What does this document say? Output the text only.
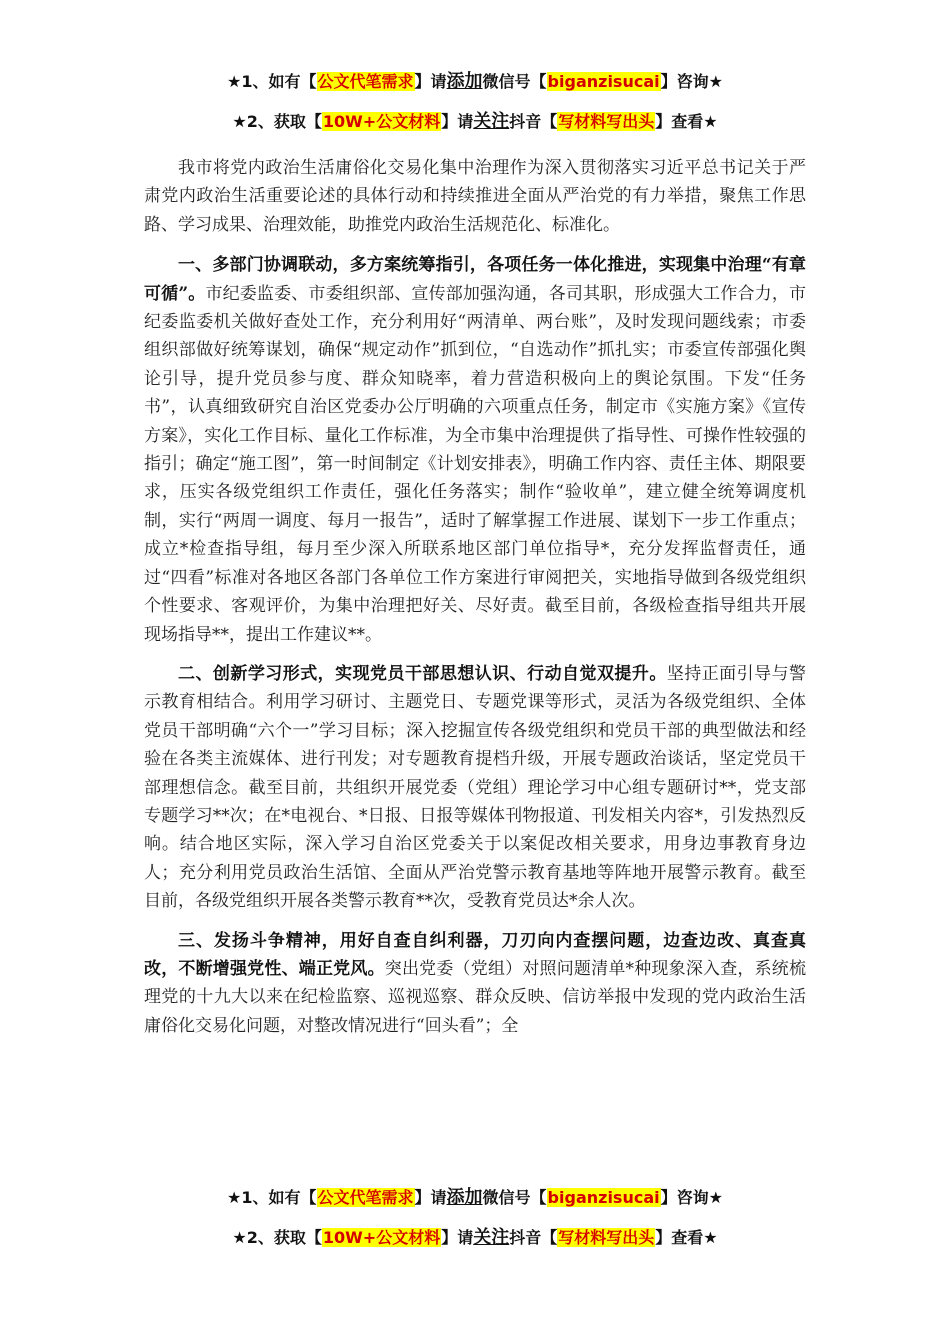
★1、如有【公文代笔需求】请添加微信号【biganzisucai】咨询★
★2、获取【10W+公文材料】请关注抖音【写材料写出头】查看★

我市将党内政治生活庸俗化交易化集中治理作为深入贯彻落实习近平总书记关于严肃党内政治生活重要论述的具体行动和持续推进全面从严治党的有力举措，聚焦工作思路、学习成果、治理效能，助推党内政治生活规范化、标准化。

一、多部门协调联动，多方案统筹指引，各项任务一体化推进，实现集中治理“有章可循”。市纪委监委、市委组织部、宣传部加强沟通，各司其职，形成强大工作合力，市纪委监委机关做好查处工作，充分利用好“两清单、两台账”，及时发现问题线索；市委组织部做好统筹谋划，确保“规定动作”抓到位，“自选动作”抓扎实；市委宣传部强化舆论引导，提升党员参与度、群众知晓率，着力营造积极向上的舆论氛围。下发“任务书”，认真细致研究自治区党委办公厅明确的六项重点任务，制定市《实施方案》《宣传方案》，实化工作目标、量化工作标准，为全市集中治理提供了指导性、可操作性较强的指引；确定“施工图”，第一时间制定《计划安排表》，明确工作内容、责任主体、期限要求，压实各级党组织工作责任，强化任务落实；制作“验收单”，建立健全统筹调度机制，实行“两周一调度、每月一报告”，适时了解掌握工作进展、谋划下一步工作重点；成立*检查指导组，每月至少深入所联系地区部门单位指导*，充分发挥监督责任，通过“四看”标准对各地区各部门各单位工作方案进行审阅把关，实地指导做到各级党组织个性要求、客观评价，为集中治理把好关、尽好责。截至目前，各级检查指导组共开展现场指导**，提出工作建议**。

二、创新学习形式，实现党员干部思想认识、行动自觉双提升。坚持正面引导与警示教育相结合。利用学习研讨、主题党日、专题党课等形式，灵活为各级党组织、全体党员干部明确“六个一”学习目标；深入挖掘宣传各级党组织和党员干部的典型做法和经验在各类主流媒体、进行刊发；对专题教育提档升级，开展专题政治谈话，坚定党员干部理想信念。截至目前，共组织开展党委（党组）理论学习中心组专题研讨**，党支部专题学习**次；在*电视台、*日报、日报等媒体刊物报道、刊发相关内容*，引发热烈反响。结合地区实际，深入学习自治区党委关于以案促改相关要求，用身边事教育身边人；充分利用党员政治生活馆、全面从严治党警示教育基地等阵地开展警示教育。截至目前，各级党组织开展各类警示教育**次，受教育党员达*余人次。

三、发扬斗争精神，用好自查自纠利器，刀刃向内查摆问题，边查边改、真查真改，不断增强党性、端正党风。突出党委（党组）对照问题清单*种现象深入查，系统梳理党的十九大以来在纪检监察、巡视巡察、群众反映、信访举报中发现的党内政治生活庸俗化交易化问题，对整改情况进行“回头看”；全

★1、如有【公文代笔需求】请添加微信号【biganzisucai】咨询★
★2、获取【10W+公文材料】请关注抖音【写材料写出头】查看★
